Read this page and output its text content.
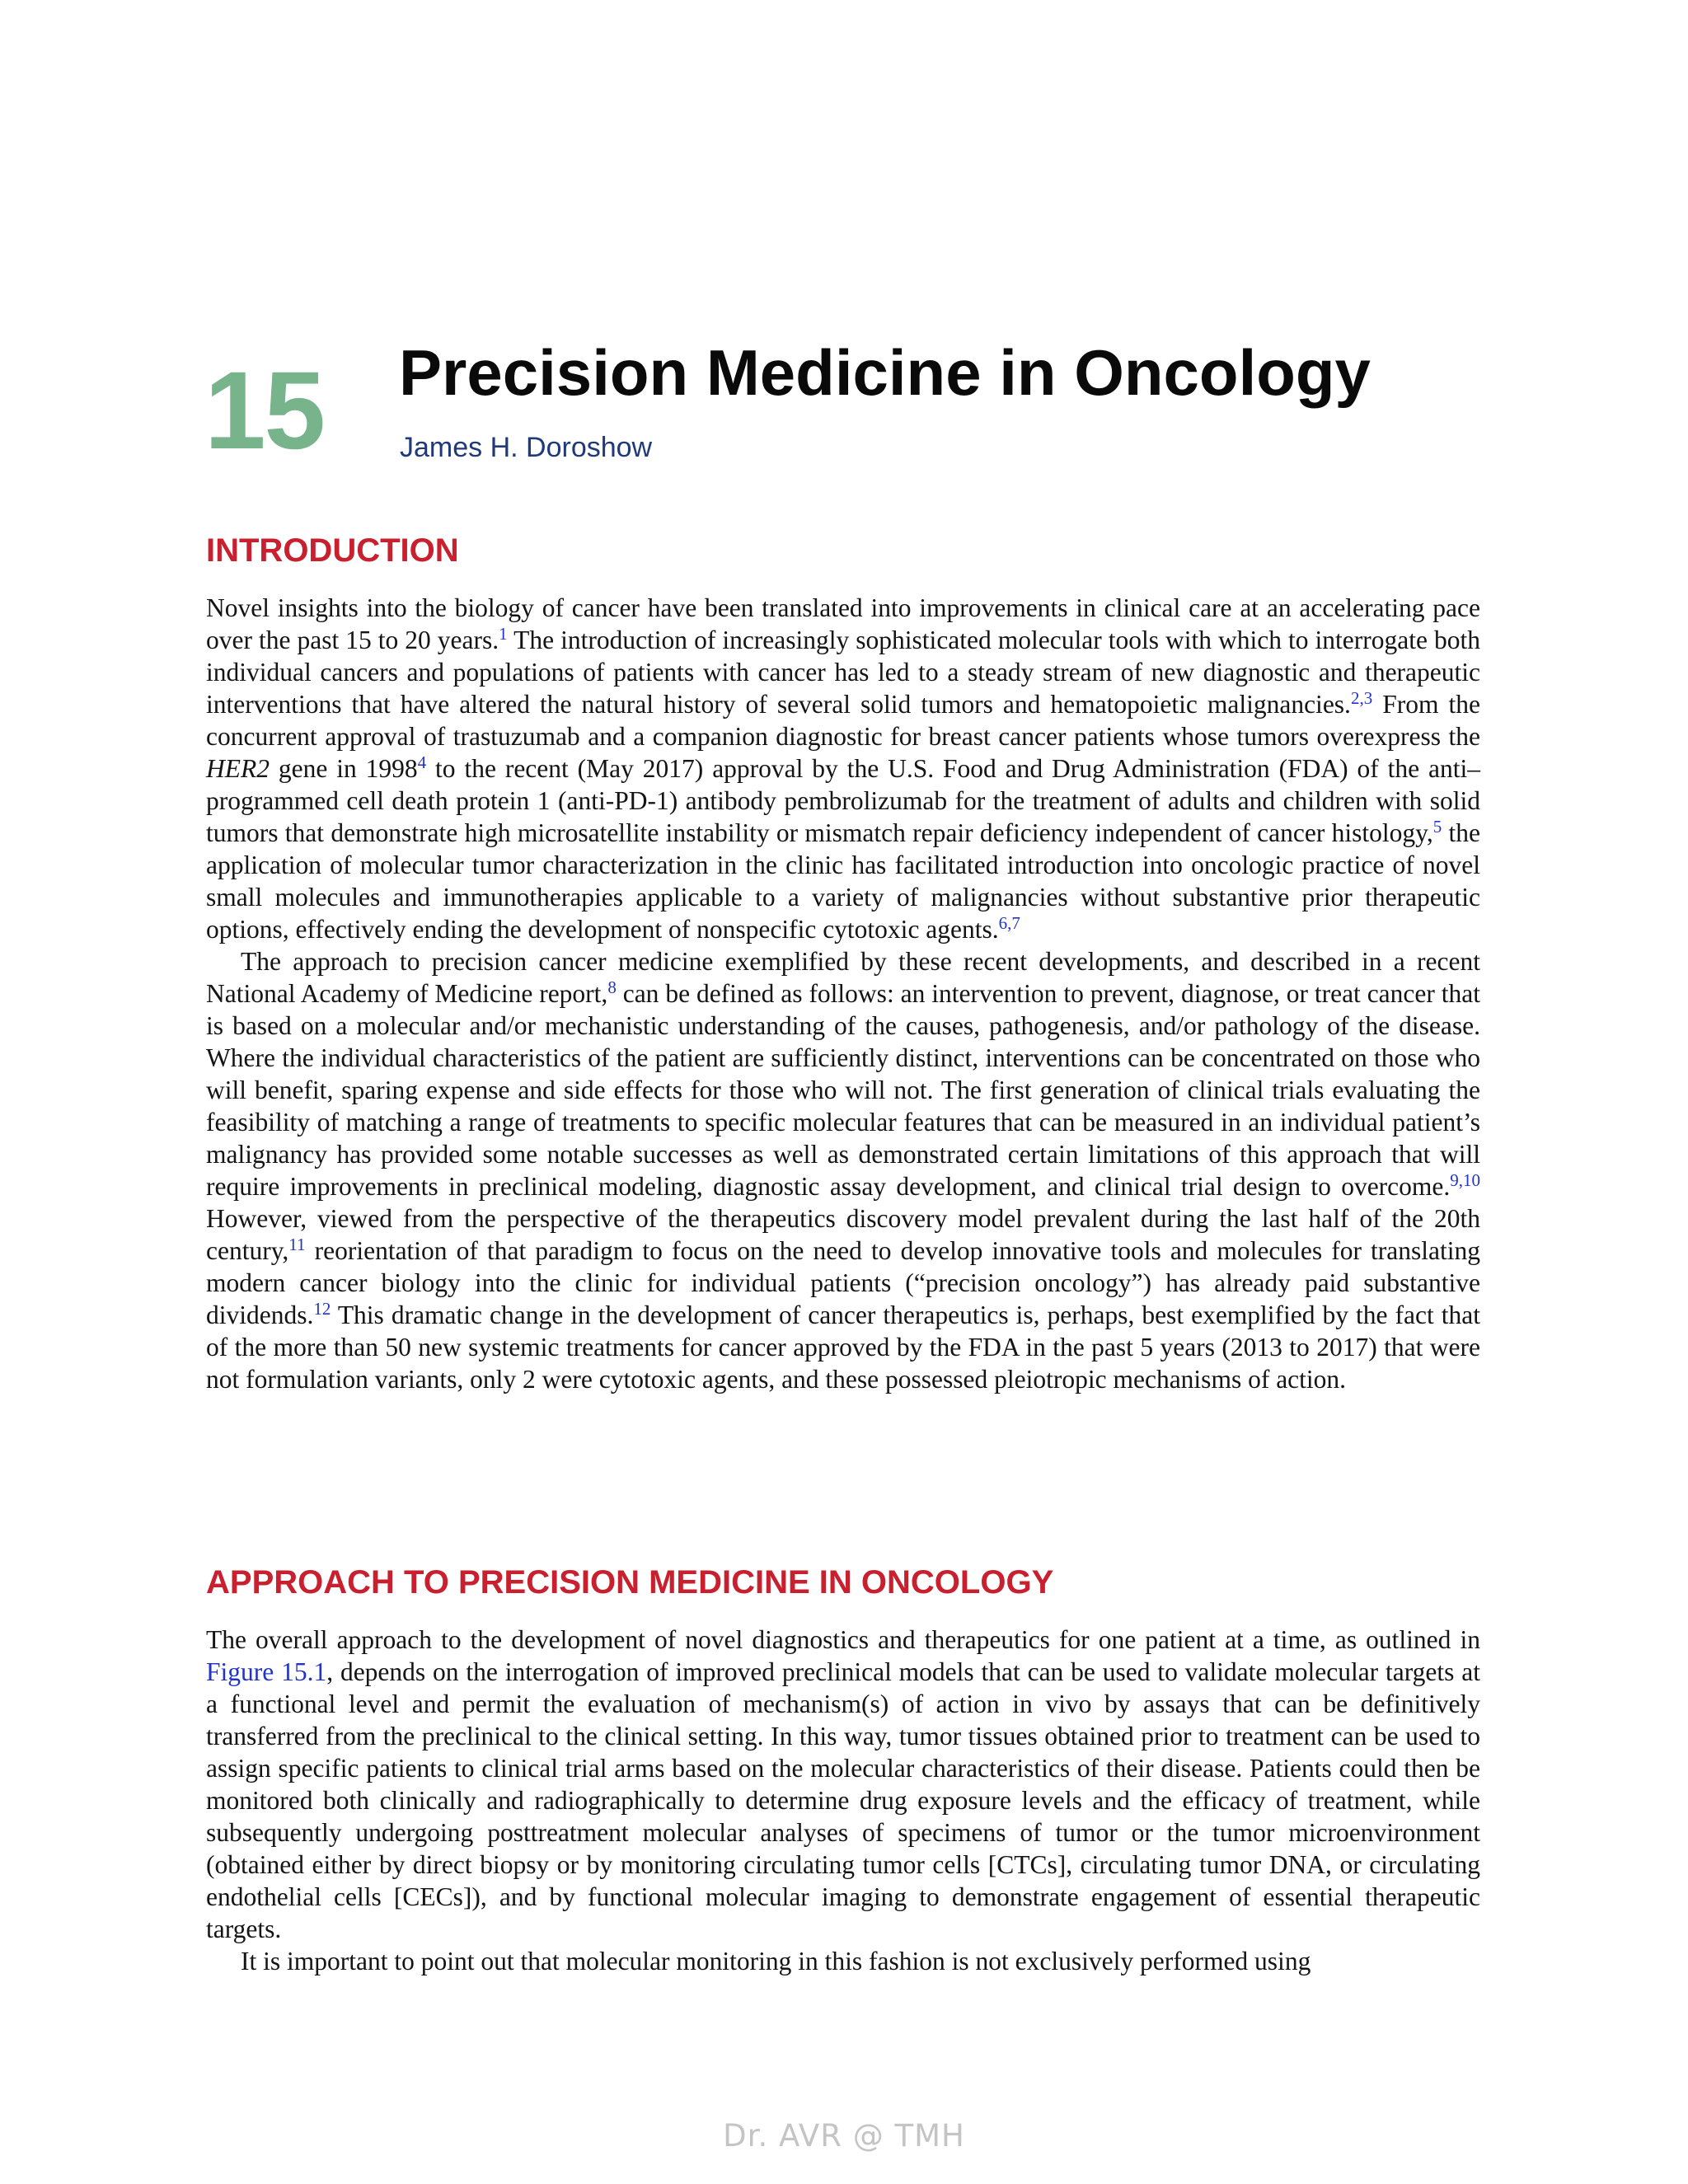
15 Precision Medicine in Oncology
James H. Doroshow
INTRODUCTION

Novel insights into the biology of cancer have been translated into improvements in clinical care at an accelerating pace over the past 15 to 20 years.$^1$ The introduction of increasingly sophisticated molecular tools with which to interrogate both individual cancers and populations of patients with cancer has led to a steady stream of new diagnostic and therapeutic interventions that have altered the natural history of several solid tumors and hematopoietic malignancies.$^{2,3}$ From the concurrent approval of trastuzumab and a companion diagnostic for breast cancer patients whose tumors overexpress the HER2 gene in 1998$^4$ to the recent (May 2017) approval by the U.S. Food and Drug Administration (FDA) of the anti–programmed cell death protein 1 (anti-PD-1) antibody pembrolizumab for the treatment of adults and children with solid tumors that demonstrate high microsatellite instability or mismatch repair deficiency independent of cancer histology,$^5$ the application of molecular tumor characterization in the clinic has facilitated introduction into oncologic practice of novel small molecules and immunotherapies applicable to a variety of malignancies without substantive prior therapeutic options, effectively ending the development of nonspecific cytotoxic agents.$^{6,7}$

The approach to precision cancer medicine exemplified by these recent developments, and described in a recent National Academy of Medicine report,$^8$ can be defined as follows: an intervention to prevent, diagnose, or treat cancer that is based on a molecular and/or mechanistic understanding of the causes, pathogenesis, and/or pathology of the disease. Where the individual characteristics of the patient are sufficiently distinct, interventions can be concentrated on those who will benefit, sparing expense and side effects for those who will not. The first generation of clinical trials evaluating the feasibility of matching a range of treatments to specific molecular features that can be measured in an individual patient’s malignancy has provided some notable successes as well as demonstrated certain limitations of this approach that will require improvements in preclinical modeling, diagnostic assay development, and clinical trial design to overcome.$^{9,10}$ However, viewed from the perspective of the therapeutics discovery model prevalent during the last half of the 20th century,$^{11}$ reorientation of that paradigm to focus on the need to develop innovative tools and molecules for translating modern cancer biology into the clinic for individual patients (“precision oncology”) has already paid substantive dividends.$^{12}$ This dramatic change in the development of cancer therapeutics is, perhaps, best exemplified by the fact that of the more than 50 new systemic treatments for cancer approved by the FDA in the past 5 years (2013 to 2017) that were not formulation variants, only 2 were cytotoxic agents, and these possessed pleiotropic mechanisms of action.

APPROACH TO PRECISION MEDICINE IN ONCOLOGY

The overall approach to the development of novel diagnostics and therapeutics for one patient at a time, as outlined in Figure 15.1, depends on the interrogation of improved preclinical models that can be used to validate molecular targets at a functional level and permit the evaluation of mechanism(s) of action in vivo by assays that can be definitively transferred from the preclinical to the clinical setting. In this way, tumor tissues obtained prior to treatment can be used to assign specific patients to clinical trial arms based on the molecular characteristics of their disease. Patients could then be monitored both clinically and radiographically to determine drug exposure levels and the efficacy of treatment, while subsequently undergoing posttreatment molecular analyses of specimens of tumor or the tumor microenvironment (obtained either by direct biopsy or by monitoring circulating tumor cells [CTCs], circulating tumor DNA, or circulating endothelial cells [CECs]), and by functional molecular imaging to demonstrate engagement of essential therapeutic targets.

It is important to point out that molecular monitoring in this fashion is not exclusively performed using

Dr. AVR @ TMH
